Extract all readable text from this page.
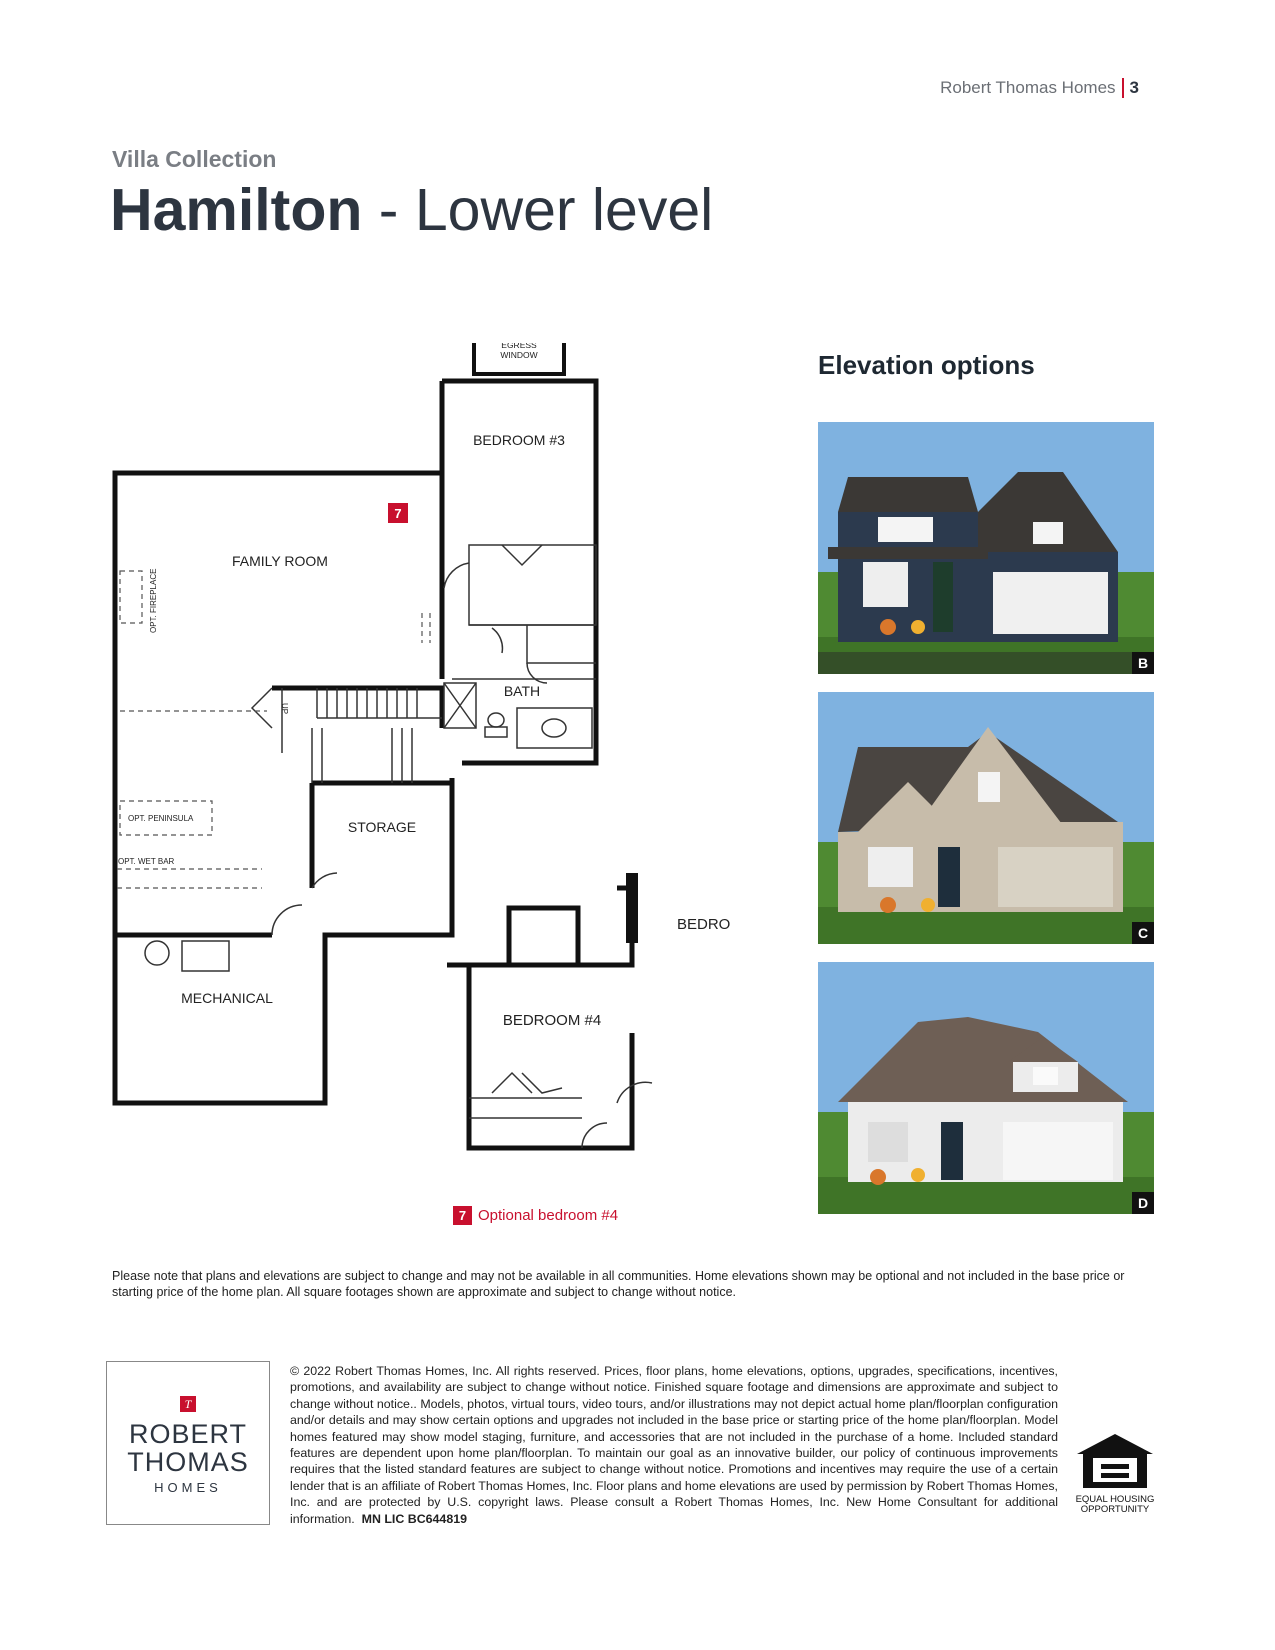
Robert Thomas Homes 3
Villa Collection
Hamilton - Lower level
EGRESS
WINDOW
BEDROOM #3
7
FAMILY ROOM
OPT. FIREPLACE
BATH
UP
OPT. PENINSULA
OPT. WET BAR
STORAGE
MECHANICAL
BEDROOM #4
BEDRO
7 Optional bedroom #4
Elevation options
B
C
D
Please note that plans and elevations are subject to change and may not be available in all communities. Home elevations shown may be optional and not included in the base price or starting price of the home plan. All square footages shown are approximate and subject to change without notice.
T
ROBERT
THOMAS
HOMES
© 2022 Robert Thomas Homes, Inc. All rights reserved. Prices, floor plans, home elevations, options, upgrades, specifications, incentives, promotions, and availability are subject to change without notice. Finished square footage and dimensions are approximate and subject to change without notice.. Models, photos, virtual tours, video tours, and/or illustrations may not depict actual home plan/floorplan configuration and/or details and may show certain options and upgrades not included in the base price or starting price of the home plan/floorplan. Model homes featured may show model staging, furniture, and accessories that are not included in the purchase of a home. Included standard features are dependent upon home plan/floorplan. To maintain our goal as an innovative builder, our policy of continuous improvements requires that the listed standard features are subject to change without notice. Promotions and incentives may require the use of a certain lender that is an affiliate of Robert Thomas Homes, Inc. Floor plans and home elevations are used by permission by Robert Thomas Homes, Inc. and are protected by U.S. copyright laws. Please consult a Robert Thomas Homes, Inc. New Home Consultant for additional information. MN LIC BC644819
EQUAL HOUSING
OPPORTUNITY
